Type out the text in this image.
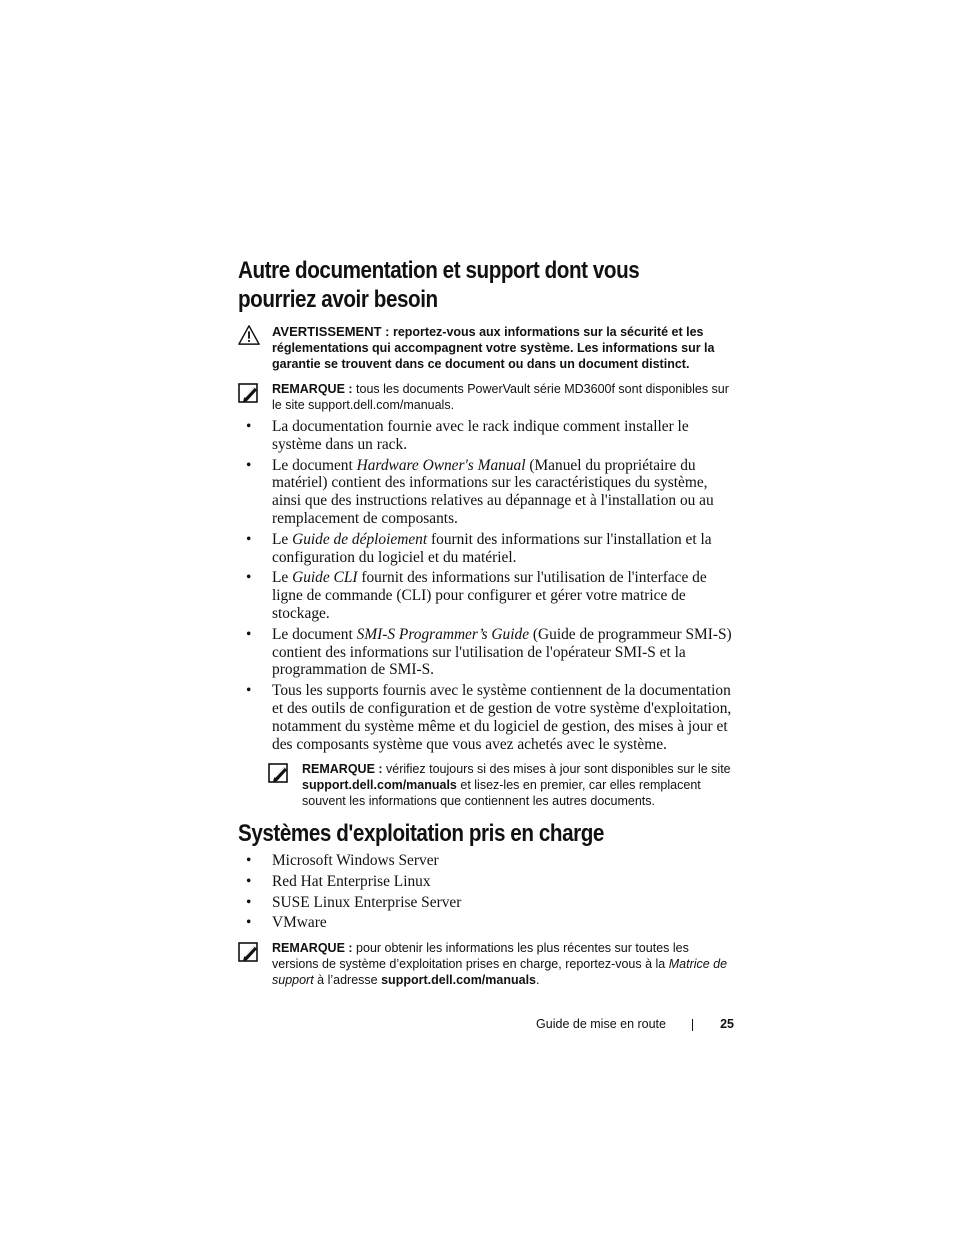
Autre documentation et support dont vous
pourriez avoir besoin
AVERTISSEMENT : reportez-vous aux informations sur la sécurité et les réglementations qui accompagnent votre système. Les informations sur la garantie se trouvent dans ce document ou dans un document distinct.
REMARQUE : tous les documents PowerVault série MD3600f sont disponibles sur le site support.dell.com/manuals.
• La documentation fournie avec le rack indique comment installer le système dans un rack.
• Le document Hardware Owner's Manual (Manuel du propriétaire du matériel) contient des informations sur les caractéristiques du système, ainsi que des instructions relatives au dépannage et à l'installation ou au remplacement de composants.
• Le Guide de déploiement fournit des informations sur l'installation et la configuration du logiciel et du matériel.
• Le Guide CLI fournit des informations sur l'utilisation de l'interface de ligne de commande (CLI) pour configurer et gérer votre matrice de stockage.
• Le document SMI-S Programmer’s Guide (Guide de programmeur SMI-S) contient des informations sur l'utilisation de l'opérateur SMI-S et la programmation de SMI-S.
• Tous les supports fournis avec le système contiennent de la documentation et des outils de configuration et de gestion de votre système d'exploitation, notamment du système même et du logiciel de gestion, des mises à jour et des composants système que vous avez achetés avec le système.
REMARQUE : vérifiez toujours si des mises à jour sont disponibles sur le site support.dell.com/manuals et lisez-les en premier, car elles remplacent souvent les informations que contiennent les autres documents.
Systèmes d'exploitation pris en charge
• Microsoft Windows Server
• Red Hat Enterprise Linux
• SUSE Linux Enterprise Server
• VMware
REMARQUE : pour obtenir les informations les plus récentes sur toutes les versions de système d’exploitation prises en charge, reportez-vous à la Matrice de support à l’adresse support.dell.com/manuals.
Guide de mise en route	25
